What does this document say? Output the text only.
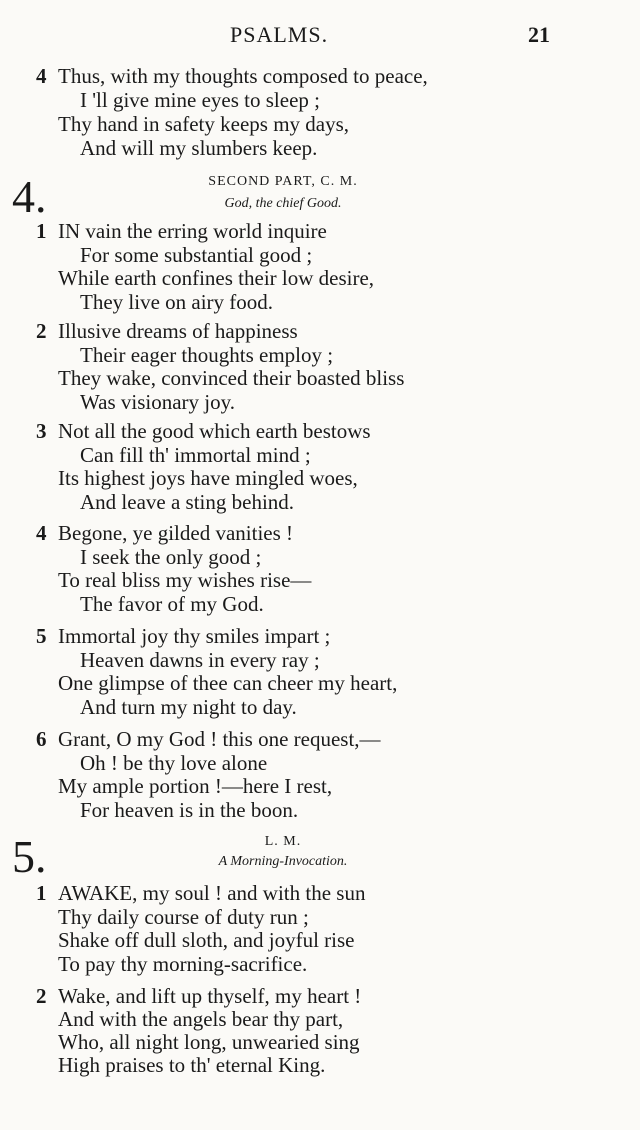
PSALMS.	21
4 Thus, with my thoughts composed to peace,
I 'll give mine eyes to sleep ;
Thy hand in safety keeps my days,
And will my slumbers keep.
4.	SECOND PART, C. M.
God, the chief Good.
1 IN vain the erring world inquire
For some substantial good ;
While earth confines their low desire,
They live on airy food.
2 Illusive dreams of happiness
Their eager thoughts employ ;
They wake, convinced their boasted bliss
Was visionary joy.
3 Not all the good which earth bestows
Can fill th' immortal mind ;
Its highest joys have mingled woes,
And leave a sting behind.
4 Begone, ye gilded vanities !
I seek the only good ;
To real bliss my wishes rise—
The favor of my God.
5 Immortal joy thy smiles impart ;
Heaven dawns in every ray ;
One glimpse of thee can cheer my heart,
And turn my night to day.
6 Grant, O my God ! this one request,—
Oh ! be thy love alone
My ample portion !—here I rest,
For heaven is in the boon.
5.	L. M.
A Morning-Invocation.
1 AWAKE, my soul ! and with the sun
Thy daily course of duty run ;
Shake off dull sloth, and joyful rise
To pay thy morning-sacrifice.
2 Wake, and lift up thyself, my heart !
And with the angels bear thy part,
Who, all night long, unwearied sing
High praises to th' eternal King.
